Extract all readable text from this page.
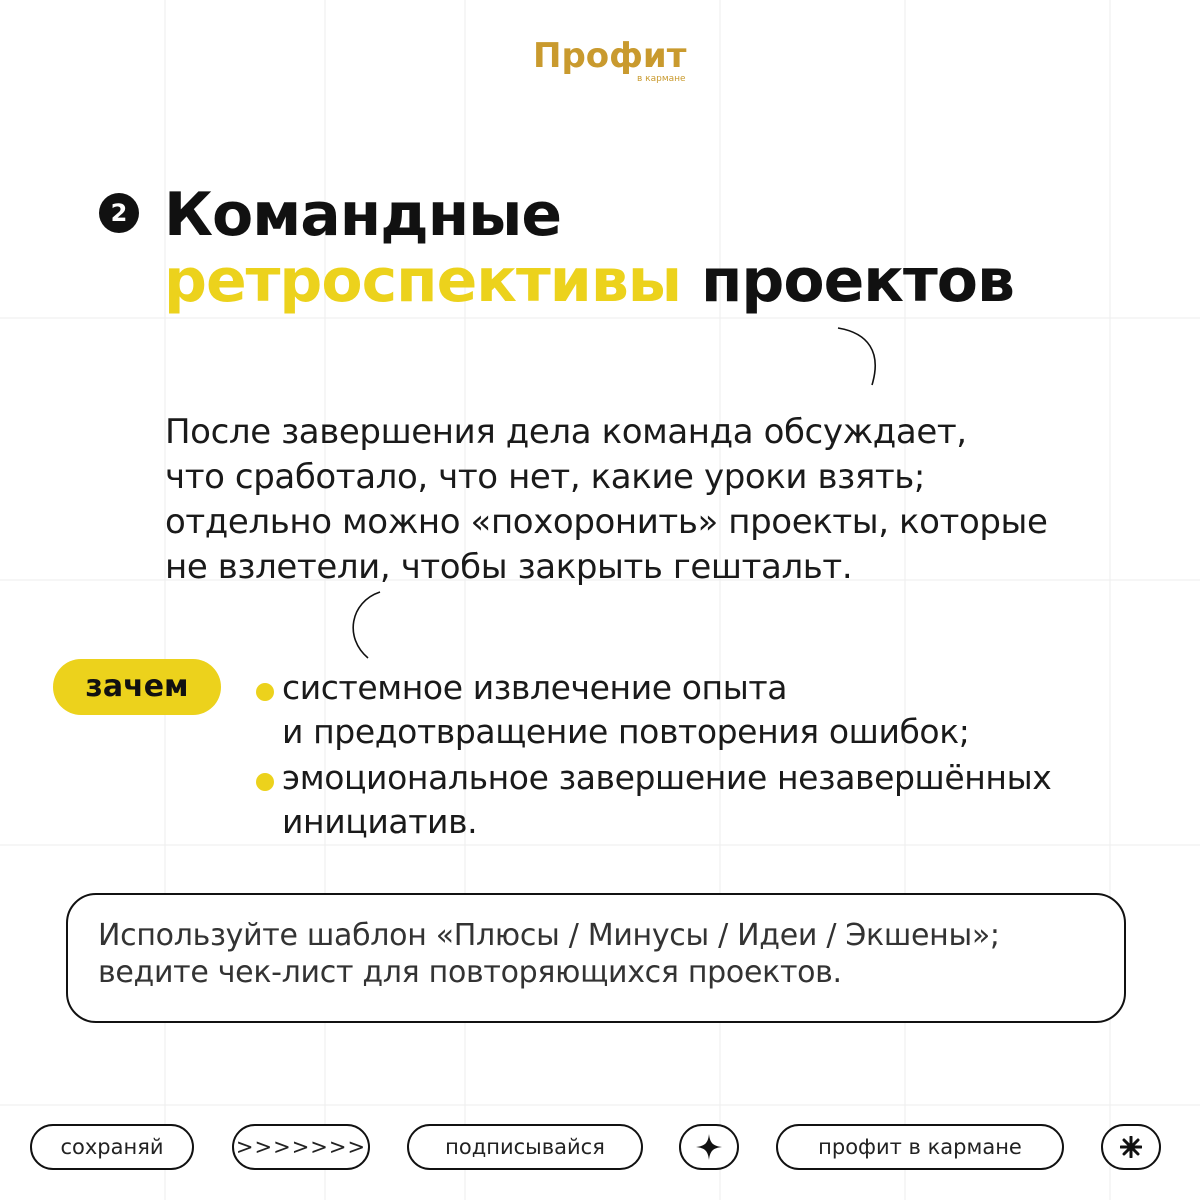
Профит
в кармане
2 Командные
ретроспективы проектов
После завершения дела команда обсуждает,
что сработало, что нет, какие уроки взять;
отдельно можно «похоронить» проекты, которые
не взлетели, чтобы закрыть гештальт.
зачем	системное извлечение опыта
и предотвращение повторения ошибок;
эмоциональное завершение незавершённых
инициатив.
Используйте шаблон «Плюсы / Минусы / Идеи / Экшены»;
ведите чек-лист для повторяющихся проектов.
сохраняй	>>>>>>>	подписывайся	профит в кармане
